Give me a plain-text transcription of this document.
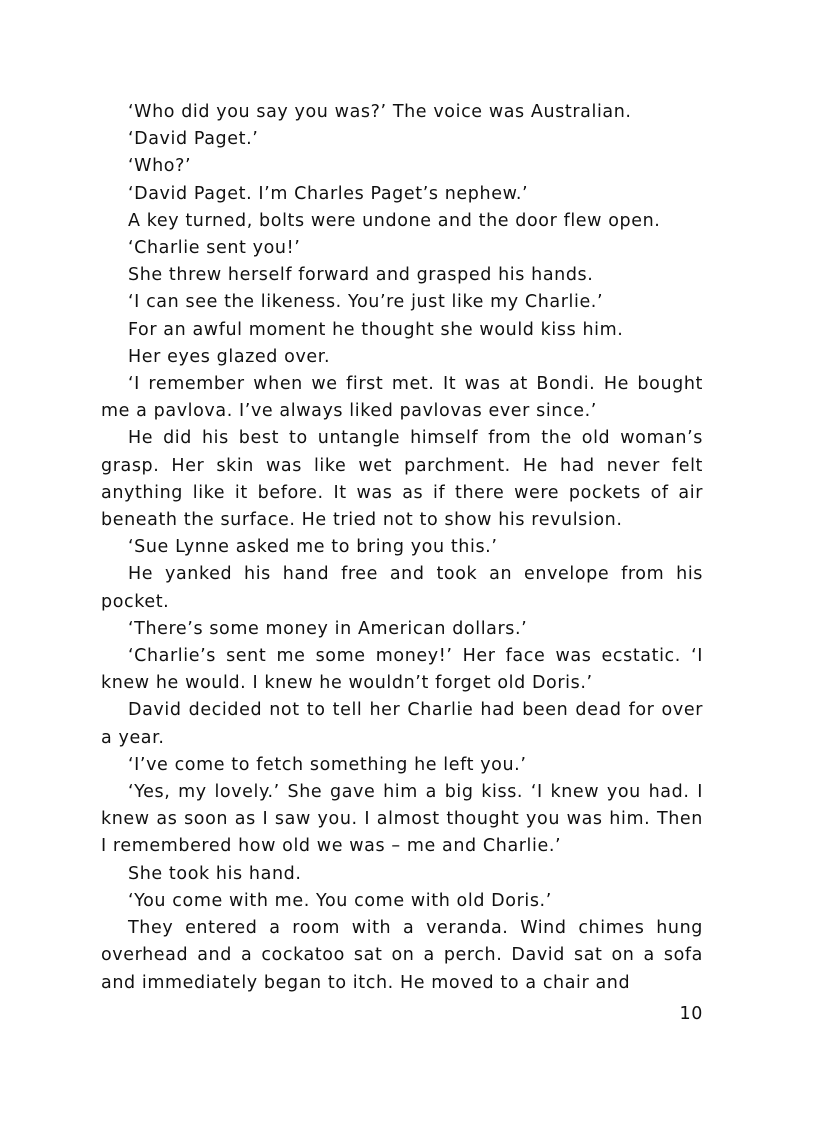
‘Who did you say you was?’ The voice was Australian.

‘David Paget.’

‘Who?’

‘David Paget. I’m Charles Paget’s nephew.’

A key turned, bolts were undone and the door flew open.

‘Charlie sent you!’

She threw herself forward and grasped his hands.

‘I can see the likeness. You’re just like my Charlie.’

For an awful moment he thought she would kiss him.

Her eyes glazed over.

‘I remember when we first met. It was at Bondi. He bought me a pavlova. I’ve always liked pavlovas ever since.’

He did his best to untangle himself from the old woman’s grasp. Her skin was like wet parchment. He had never felt anything like it before. It was as if there were pockets of air beneath the surface. He tried not to show his revulsion.

‘Sue Lynne asked me to bring you this.’

He yanked his hand free and took an envelope from his pocket.

‘There’s some money in American dollars.’

‘Charlie’s sent me some money!’ Her face was ecstatic. ‘I knew he would. I knew he wouldn’t forget old Doris.’

David decided not to tell her Charlie had been dead for over a year.

‘I’ve come to fetch something he left you.’

‘Yes, my lovely.’ She gave him a big kiss. ‘I knew you had. I knew as soon as I saw you. I almost thought you was him. Then I remembered how old we was – me and Charlie.’

She took his hand.

‘You come with me. You come with old Doris.’

They entered a room with a veranda. Wind chimes hung overhead and a cockatoo sat on a perch. David sat on a sofa and immediately began to itch. He moved to a chair and

10
